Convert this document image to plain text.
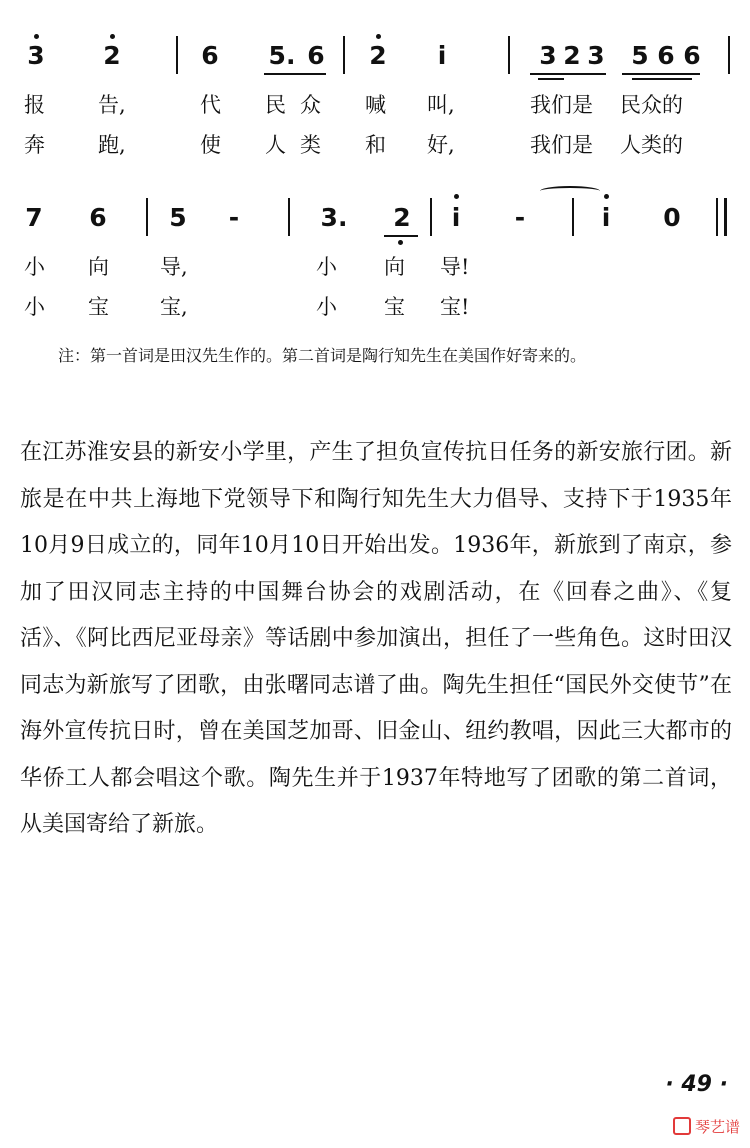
3	2	6	5. 6	2	i	3 2 3	5 6 6
报	告,	代 民 众 喊 叫,	我们是 民众的
奔	跑,	使 人 类 和 好,	我们是 人类的
7	6	5	-	3.	2	i	-	i	0
小 向 导,	小 向 导!
小 宝 宝,	小 宝 宝!
注：第一首词是田汉先生作的。第二首词是陶行知先生在美国作好寄来的。
在江苏淮安县的新安小学里，产生了担负宣传抗日任务的新安旅行团。新旅是在中共上海地下党领导下和陶行知先生大力倡导、支持下于1935年10月9日成立的，同年10月10日开始出发。1936年，新旅到了南京，参加了田汉同志主持的中国舞台协会的戏剧活动，在《回春之曲》、《复活》、《阿比西尼亚母亲》等话剧中参加演出，担任了一些角色。这时田汉同志为新旅写了团歌，由张曙同志谱了曲。陶先生担任“国民外交使节”在海外宣传抗日时，曾在美国芝加哥、旧金山、纽约教唱，因此三大都市的华侨工人都会唱这个歌。陶先生并于1937年特地写了团歌的第二首词，从美国寄给了新旅。
· 49 ·
琴艺谱
